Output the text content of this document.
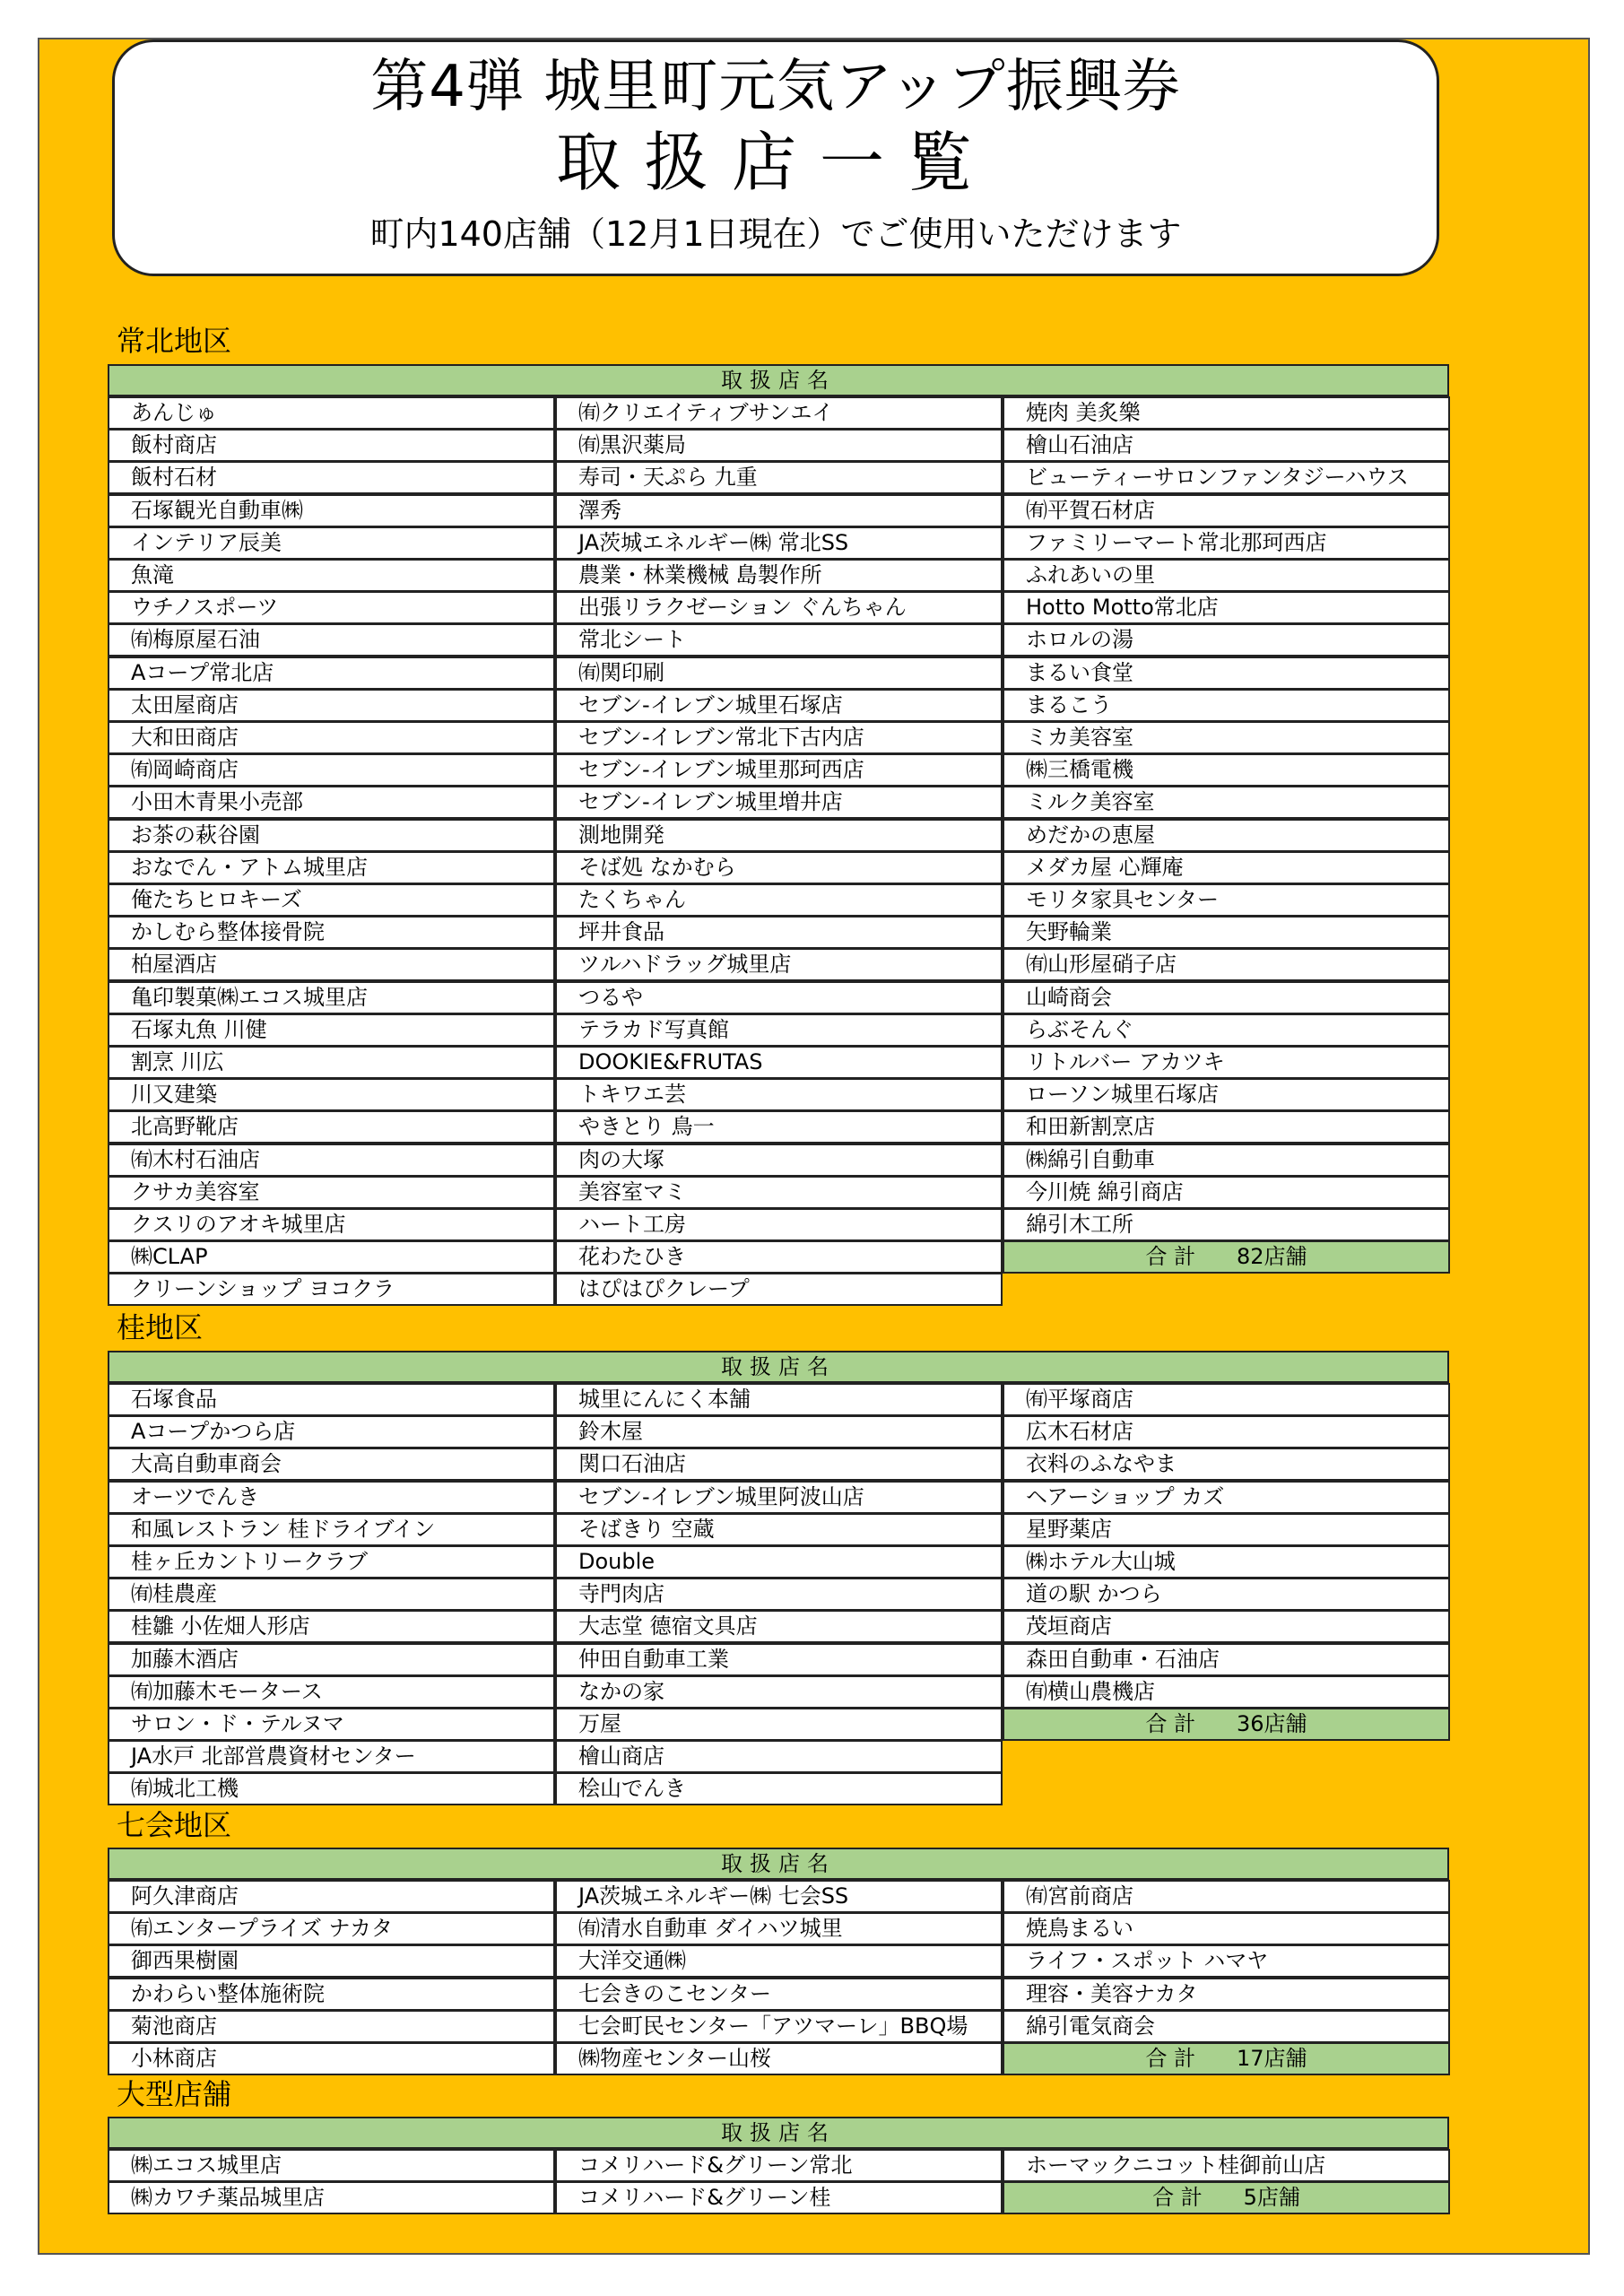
第4弾 城里町元気アップ振興券
取扱店一覧
町内140店舗（12月1日現在）でご使用いただけます
常北地区
取扱店名
あんじゅ
飯村商店
飯村石材
石塚観光自動車㈱
インテリア辰美
魚滝
ウチノスポーツ
㈲梅原屋石油
Aコープ常北店
太田屋商店
大和田商店
㈲岡崎商店
小田木青果小売部
お茶の萩谷園
おなでん・アトム城里店
俺たちヒロキーズ
かしむら整体接骨院
柏屋酒店
亀印製菓㈱エコス城里店
石塚丸魚 川健
割烹 川広
川又建築
北高野靴店
㈲木村石油店
クサカ美容室
クスリのアオキ城里店
㈱CLAP
クリーンショップ ヨコクラ
㈲クリエイティブサンエイ
㈲黒沢薬局
寿司・天ぷら 九重
澤秀
JA茨城エネルギー㈱ 常北SS
農業・林業機械 島製作所
出張リラクゼーション ぐんちゃん
常北シート
㈲関印刷
セブン-イレブン城里石塚店
セブン-イレブン常北下古内店
セブン-イレブン城里那珂西店
セブン-イレブン城里増井店
測地開発
そば処 なかむら
たくちゃん
坪井食品
ツルハドラッグ城里店
つるや
テラカド写真館
DOOKIE&FRUTAS
トキワエ芸
やきとり 鳥一
肉の大塚
美容室マミ
ハート工房
花わたひき
はぴはぴクレープ
焼肉 美炙樂
檜山石油店
ビューティーサロンファンタジーハウス
㈲平賀石材店
ファミリーマート常北那珂西店
ふれあいの里
Hotto Motto常北店
ホロルの湯
まるい食堂
まるこう
ミカ美容室
㈱三橋電機
ミルク美容室
めだかの恵屋
メダカ屋 心輝庵
モリタ家具センター
矢野輪業
㈲山形屋硝子店
山崎商会
らぶそんぐ
リトルバー アカツキ
ローソン城里石塚店
和田新割烹店
㈱綿引自動車
今川焼 綿引商店
綿引木工所
合 計 82店舗
桂地区
取扱店名
石塚食品
Aコープかつら店
大高自動車商会
オーツでんき
和風レストラン 桂ドライブイン
桂ヶ丘カントリークラブ
㈲桂農産
桂雛 小佐畑人形店
加藤木酒店
㈲加藤木モータース
サロン・ド・テルヌマ
JA水戸 北部営農資材センター
㈲城北工機
城里にんにく本舗
鈴木屋
関口石油店
セブン-イレブン城里阿波山店
そばきり 空蔵
Double
寺門肉店
大志堂 德宿文具店
仲田自動車工業
なかの家
万屋
檜山商店
桧山でんき
㈲平塚商店
広木石材店
衣料のふなやま
ヘアーショップ カズ
星野薬店
㈱ホテル大山城
道の駅 かつら
茂垣商店
森田自動車・石油店
㈲横山農機店
合 計 36店舗
七会地区
取扱店名
阿久津商店
㈲エンタープライズ ナカタ
御西果樹園
かわらい整体施術院
菊池商店
小林商店
JA茨城エネルギー㈱ 七会SS
㈲清水自動車 ダイハツ城里
大洋交通㈱
七会きのこセンター
七会町民センター「アツマーレ」BBQ場
㈱物産センター山桜
㈲宮前商店
焼鳥まるい
ライフ・スポット ハマヤ
理容・美容ナカタ
綿引電気商会
合 計 17店舗
大型店舗
取扱店名
㈱エコス城里店
㈱カワチ薬品城里店
コメリハード&グリーン常北
コメリハード&グリーン桂
ホーマックニコット桂御前山店
合 計 5店舗
